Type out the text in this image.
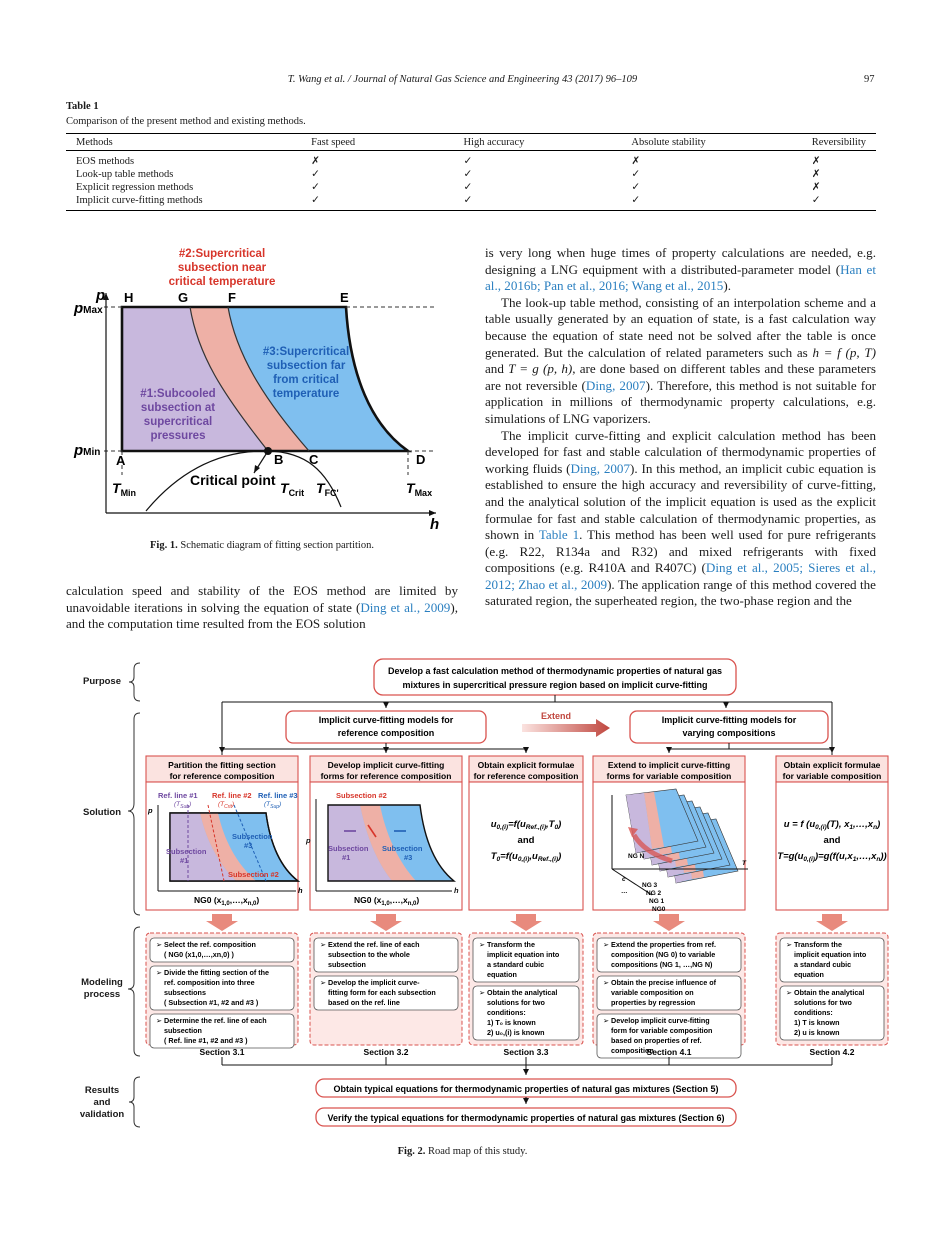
T. Wang et al. / Journal of Natural Gas Science and Engineering 43 (2017) 96–109	97
Table 1
Comparison of the present method and existing methods.
Methods	Fast speed	High accuracy	Absolute stability	Reversibility
EOS methods	✗	✓	✗	✗
Look-up table methods	✓	✓	✓	✗
Explicit regression methods	✓	✓	✓	✗
Implicit curve-fitting methods	✓	✓	✓	✓
p
h
pMax
pMin
H	G	F	E
A	B C	D
#1:Subcooled
subsection at
supercritical
pressures
#2:Supercritical
subsection near
critical temperature
#3:Supercritical
subsection far
from critical
temperature
Critical point
$T_{Min}$	$T_{Crit}$ $T_{FC'}$	$T_{Max}$
Fig. 1. Schematic diagram of fitting section partition.

calculation speed and stability of the EOS method are limited by unavoidable iterations in solving the equation of state (Ding et al., 2009), and the computation time resulted from the EOS solution

is very long when huge times of property calculations are needed, e.g. designing a LNG equipment with a distributed-parameter model (Han et al., 2016b; Pan et al., 2016; Wang et al., 2015).

The look-up table method, consisting of an interpolation scheme and a table usually generated by an equation of state, is a fast calculation way because the equation of state need not be solved after the table is once generated. But the calculation of related parameters such as h = f (p, T) and T = g (p, h), are done based on different tables and these parameters are not reversible (Ding, 2007). Therefore, this method is not suitable for application in millions of thermodynamic property calculations, e.g. simulations of LNG vaporizers.

The implicit curve-fitting and explicit calculation method has been developed for fast and stable calculation of thermodynamic properties of working fluids (Ding, 2007). In this method, an implicit cubic equation is established to ensure the high accuracy and reversibility of curve-fitting, and the analytical solution of the implicit equation is used as the explicit formulae for fast and stable calculation of thermodynamic properties, as shown in Table 1. This method has been well used for pure refrigerants (e.g. R22, R134a and R32) and mixed refrigerants with fixed compositions (e.g. R410A and R407C) (Ding et al., 2005; Sieres et al., 2012; Zhao et al., 2009). The application range of this method covered the saturated region, the superheated region, the two-phase region and the

Purpose
Solution
Modeling
process
Results
and
validation
Develop a fast calculation method of thermodynamic properties of natural gas
mixtures in supercritical pressure region based on implicit curve-fitting
Implicit curve-fitting models for
reference composition
Implicit curve-fitting models for
varying compositions
Extend
Partition the fitting section
for reference composition
Develop implicit curve-fitting
forms for reference composition
Obtain explicit formulae
for reference composition
Extend to implicit curve-fitting
forms for variable composition
Obtain explicit formulae
for variable composition
Ref. line #1 Ref. line #2 Ref. line #3
p
h
Subsection
#1
Subsection
#3
Subsection #2
$(T_{Sub})$	$(T_{Crit})$	$(T_{Sup})$
NG0 $(x_{1,0},\dots,x_{n,0})$
Subsection #2
p
h
Subsection
#1
Subsection
#3
NG0 $(x_{1,0},\dots,x_{n,0})$
$u_{0,(i)}=f(u_{Ref.,(i)},T_0)$
and
$T_0=f(u_{0,(i)},u_{Ref.,(i)})$	NG N
c
…
NG 3
NG 2
NG 1
NG0
T
u = f ($u_{0,(i)}(T)$, $x_1,\dots,x_n$)
and
$T=g(u_{0,(i)})=g(f(u,x_1,\dots,x_n))$
➢ Select the ref. composition
( NG0 (x1,0,…,xn,0) )
➢ Divide the fitting section of the
ref. composition into three
subsections
( Subsection #1, #2 and #3 )
➢ Determine the ref. line of each
subsection
( Ref. line #1, #2 and #3 )
Section 3.1
➢ Extend the ref. line of each
subsection to the whole
subsection
➢ Develop the implicit curve-
fitting form for each subsection
based on the ref. line
Section 3.2
➢ Transform the
implicit equation into
a standard cubic
equation
➢ Obtain the analytical
solutions for two
conditions:
1) T₀ is known
2) u₀,(i) is known
Section 3.3
➢ Extend the properties from ref.
composition (NG 0) to variable
compositions (NG 1, …,NG N)
➢ Obtain the precise influence of
variable composition on
properties by regression
➢ Develop implicit curve-fitting
form for variable composition
based on properties of ref.
composition
Section 4.1
➢ Transform the
implicit equation into
a standard cubic
equation
➢ Obtain the analytical
solutions for two
conditions:
1) T is known
2) u is known
Section 4.2
Obtain typical equations for thermodynamic properties of natural gas mixtures (Section 5)
Verify the typical equations for thermodynamic properties of natural gas mixtures (Section 6)
Fig. 2. Road map of this study.
